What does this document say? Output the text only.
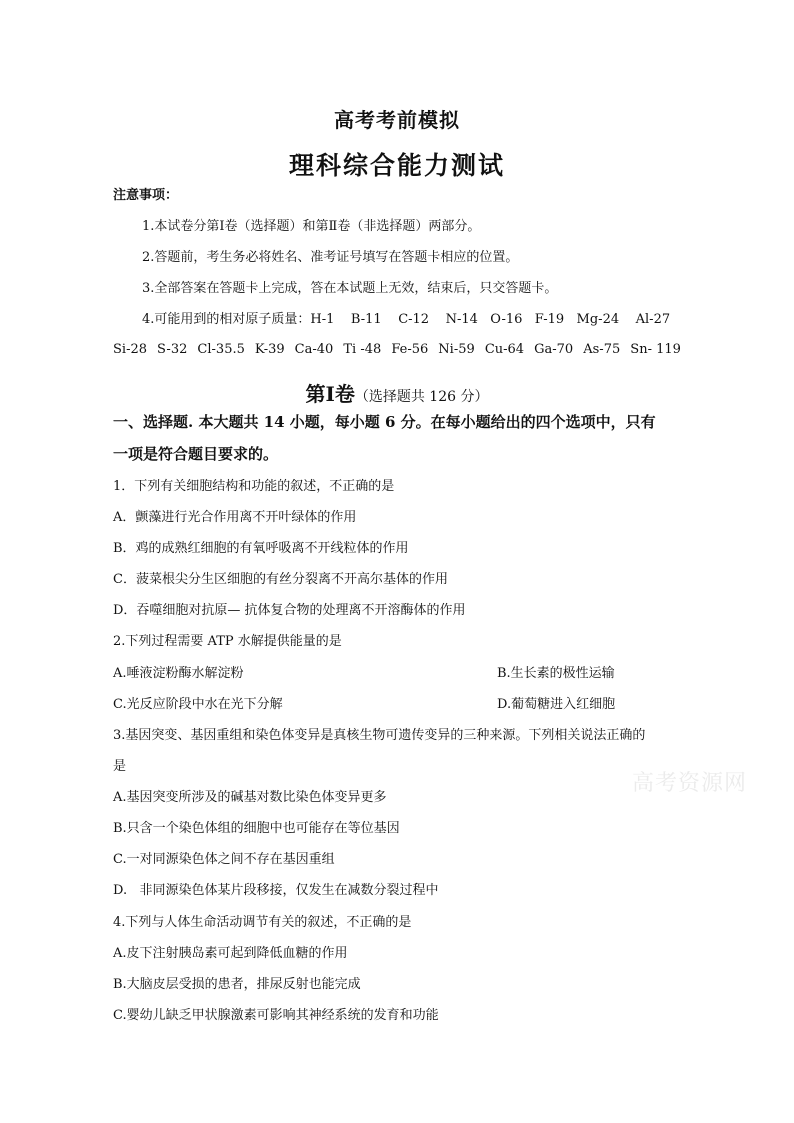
高考考前模拟
理科综合能力测试
注意事项：
1.本试卷分第Ⅰ卷（选择题）和第Ⅱ卷（非选择题）两部分。
2.答题前，考生务必将姓名、准考证号填写在答题卡相应的位置。
3.全部答案在答题卡上完成，答在本试题上无效，结束后，只交答题卡。
4.可能用到的相对原子质量：H-1    B-11    C-12    N-14   O-16   F-19   Mg-24    Al-27
Si-28 S-32 Cl-35.5 K-39 Ca-40 Ti -48 Fe-56 Ni-59 Cu-64 Ga-70 As-75 Sn- 119
第Ⅰ卷（选择题共 126 分）
一、选择题. 本大题共 14 小题，每小题 6 分。在每小题给出的四个选项中，只有
一项是符合题目要求的。
1．下列有关细胞结构和功能的叙述，不正确的是
A．颤藻进行光合作用离不开叶绿体的作用
B．鸡的成熟红细胞的有氧呼吸离不开线粒体的作用
C．菠菜根尖分生区细胞的有丝分裂离不开高尔基体的作用
D．吞噬细胞对抗原— 抗体复合物的处理离不开溶酶体的作用
2.下列过程需要 ATP 水解提供能量的是
A.唾液淀粉酶水解淀粉	B.生长素的极性运输
C.光反应阶段中水在光下分解	D.葡萄糖进入红细胞
3.基因突变、基因重组和染色体变异是真核生物可遗传变异的三种来源。下列相关说法正确的
是
A.基因突变所涉及的碱基对数比染色体变异更多
B.只含一个染色体组的细胞中也可能存在等位基因
C.一对同源染色体之间不存在基因重组
D.   非同源染色体某片段移接，仅发生在减数分裂过程中
4.下列与人体生命活动调节有关的叙述，不正确的是
A.皮下注射胰岛素可起到降低血糖的作用
B.大脑皮层受损的患者，排尿反射也能完成
C.婴幼儿缺乏甲状腺激素可影响其神经系统的发育和功能
高考资源网
